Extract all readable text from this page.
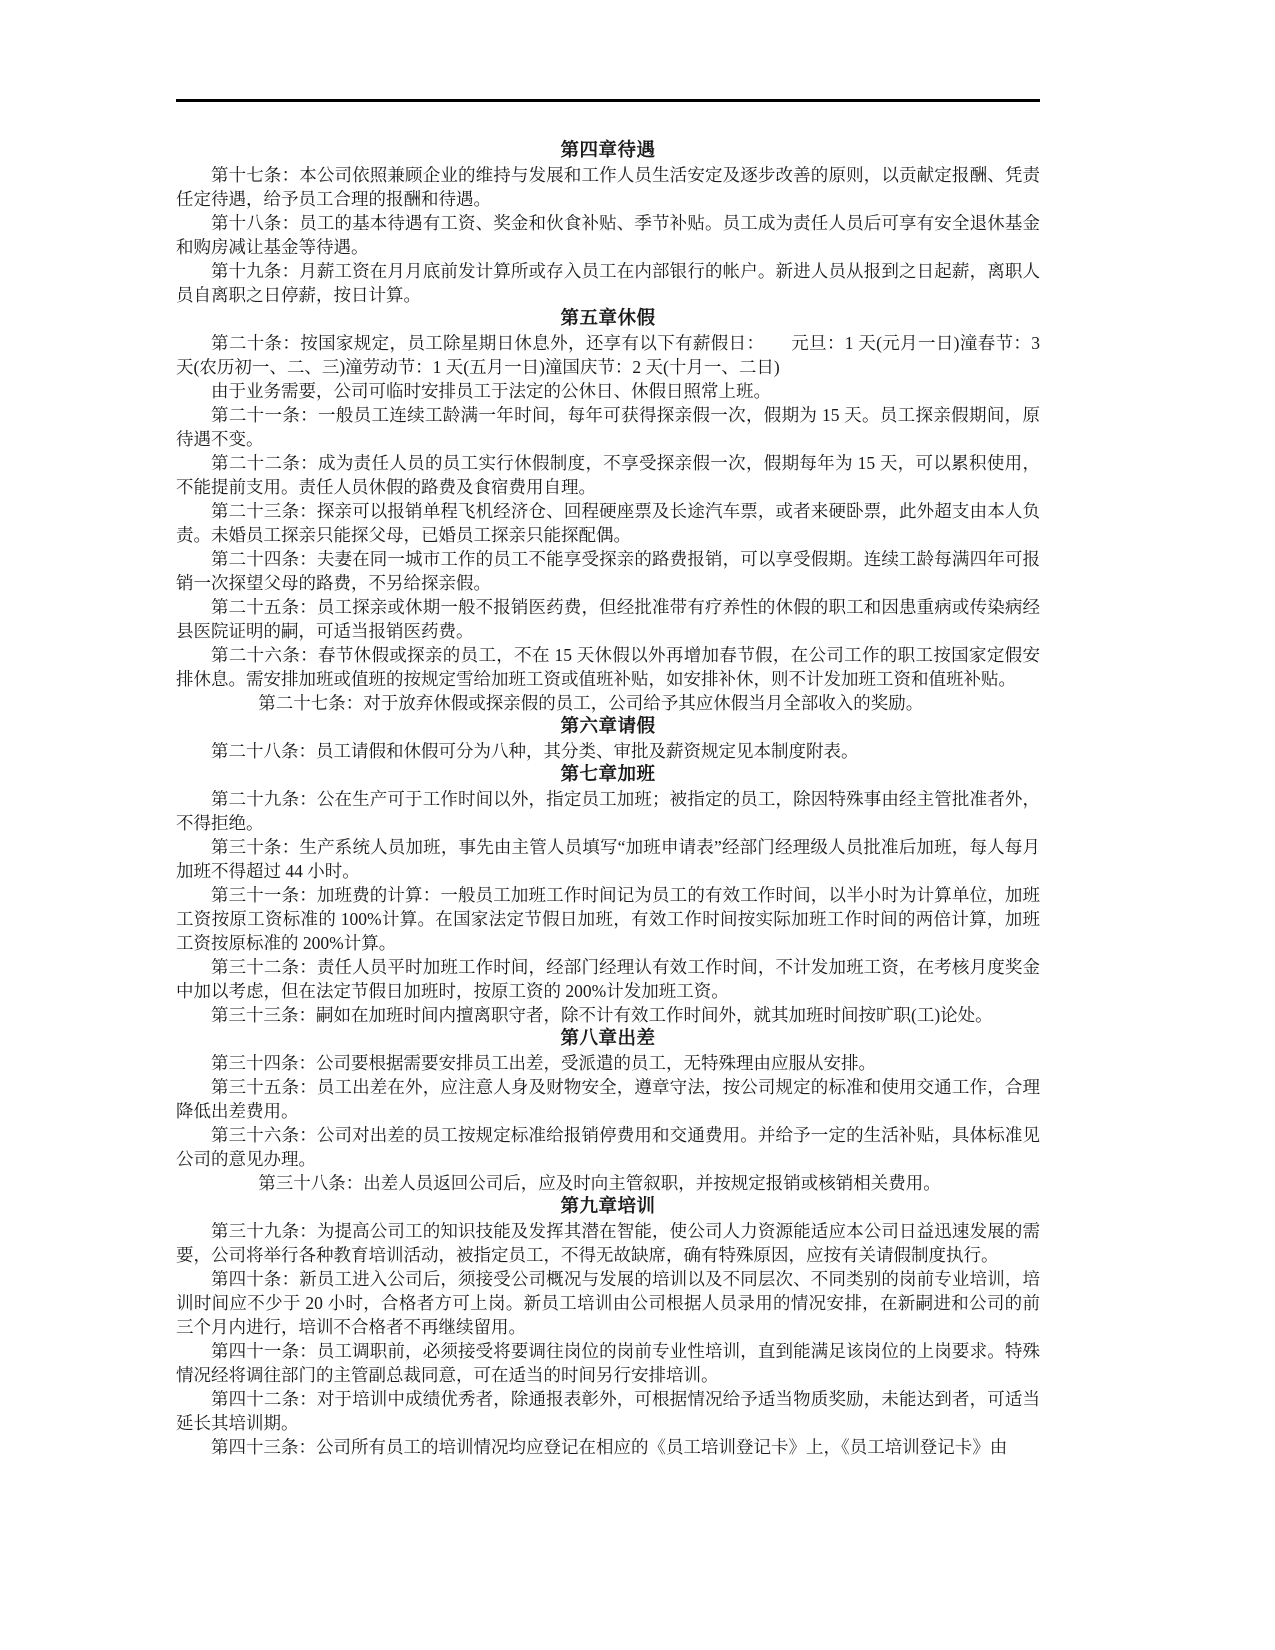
第四章待遇

第十七条：本公司依照兼顾企业的维持与发展和工作人员生活安定及逐步改善的原则，以贡献定报酬、凭责任定待遇，给予员工合理的报酬和待遇。

第十八条：员工的基本待遇有工资、奖金和伙食补贴、季节补贴。员工成为责任人员后可享有安全退休基金和购房减让基金等待遇。

第十九条：月薪工资在月月底前发计算所或存入员工在内部银行的帐户。新进人员从报到之日起薪，离职人员自离职之日停薪，按日计算。

第五章休假

第二十条：按国家规定，员工除星期日休息外，还享有以下有薪假日：　　元旦：1 天(元月一日)潼春节：3 天(农历初一、二、三)潼劳动节：1 天(五月一日)潼国庆节：2 天(十月一、二日)

由于业务需要，公司可临时安排员工于法定的公休日、休假日照常上班。

第二十一条：一般员工连续工龄满一年时间，每年可获得探亲假一次，假期为 15 天。员工探亲假期间，原待遇不变。

第二十二条：成为责任人员的员工实行休假制度，不享受探亲假一次，假期每年为 15 天，可以累积使用，不能提前支用。责任人员休假的路费及食宿费用自理。

第二十三条：探亲可以报销单程飞机经济仓、回程硬座票及长途汽车票，或者来硬卧票，此外超支由本人负责。未婚员工探亲只能探父母，已婚员工探亲只能探配偶。

第二十四条：夫妻在同一城市工作的员工不能享受探亲的路费报销，可以享受假期。连续工龄每满四年可报销一次探望父母的路费，不另给探亲假。

第二十五条：员工探亲或休期一般不报销医药费，但经批准带有疗养性的休假的职工和因患重病或传染病经县医院证明的嗣，可适当报销医药费。

第二十六条：春节休假或探亲的员工，不在 15 天休假以外再增加春节假，在公司工作的职工按国家定假安排休息。需安排加班或值班的按规定雪给加班工资或值班补贴，如安排补休，则不计发加班工资和值班补贴。

第二十七条：对于放弃休假或探亲假的员工，公司给予其应休假当月全部收入的奖励。

第六章请假

第二十八条：员工请假和休假可分为八种，其分类、审批及薪资规定见本制度附表。

第七章加班

第二十九条：公在生产可于工作时间以外，指定员工加班；被指定的员工，除因特殊事由经主管批准者外，不得拒绝。

第三十条：生产系统人员加班，事先由主管人员填写“加班申请表”经部门经理级人员批准后加班，每人每月加班不得超过 44 小时。

第三十一条：加班费的计算：一般员工加班工作时间记为员工的有效工作时间，以半小时为计算单位，加班工资按原工资标准的 100%计算。在国家法定节假日加班，有效工作时间按实际加班工作时间的两倍计算，加班工资按原标准的 200%计算。

第三十二条：责任人员平时加班工作时间，经部门经理认有效工作时间，不计发加班工资，在考核月度奖金中加以考虑，但在法定节假日加班时，按原工资的 200%计发加班工资。

第三十三条：嗣如在加班时间内擅离职守者，除不计有效工作时间外，就其加班时间按旷职(工)论处。

第八章出差

第三十四条：公司要根据需要安排员工出差，受派遣的员工，无特殊理由应服从安排。

第三十五条：员工出差在外，应注意人身及财物安全，遵章守法，按公司规定的标准和使用交通工作，合理降低出差费用。

第三十六条：公司对出差的员工按规定标准给报销停费用和交通费用。并给予一定的生活补贴，具体标准见公司的意见办理。

第三十八条：出差人员返回公司后，应及时向主管叙职，并按规定报销或核销相关费用。

第九章培训

第三十九条：为提高公司工的知识技能及发挥其潜在智能，使公司人力资源能适应本公司日益迅速发展的需要，公司将举行各种教育培训活动，被指定员工，不得无故缺席，确有特殊原因，应按有关请假制度执行。

第四十条：新员工进入公司后，须接受公司概况与发展的培训以及不同层次、不同类别的岗前专业培训，培训时间应不少于 20 小时，合格者方可上岗。新员工培训由公司根据人员录用的情况安排，在新嗣进和公司的前三个月内进行，培训不合格者不再继续留用。

第四十一条：员工调职前，必须接受将要调往岗位的岗前专业性培训，直到能满足该岗位的上岗要求。特殊情况经将调往部门的主管副总裁同意，可在适当的时间另行安排培训。

第四十二条：对于培训中成绩优秀者，除通报表彰外，可根据情况给予适当物质奖励，未能达到者，可适当延长其培训期。

第四十三条：公司所有员工的培训情况均应登记在相应的《员工培训登记卡》上，《员工培训登记卡》由
